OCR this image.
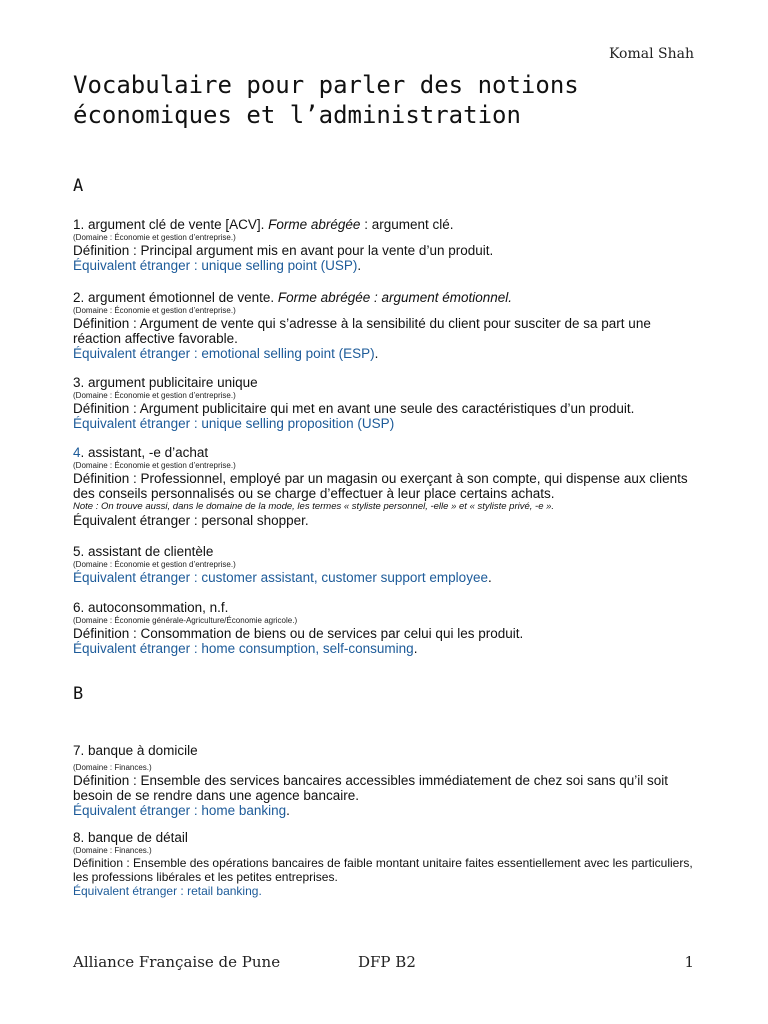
Komal Shah
Vocabulaire pour parler des notions
économiques et l’administration
A
1. argument clé de vente [ACV]. Forme abrégée : argument clé.
(Domaine : Économie et gestion d’entreprise.)
Définition : Principal argument mis en avant pour la vente d’un produit.
Équivalent étranger : unique selling point (USP).
2. argument émotionnel de vente. Forme abrégée : argument émotionnel.
(Domaine : Économie et gestion d’entreprise.)
Définition : Argument de vente qui s’adresse à la sensibilité du client pour susciter de sa part une réaction affective favorable.
Équivalent étranger : emotional selling point (ESP).
3. argument publicitaire unique
(Domaine : Économie et gestion d’entreprise.)
Définition : Argument publicitaire qui met en avant une seule des caractéristiques d’un produit.
Équivalent étranger : unique selling proposition (USP)
4. assistant, -e d’achat
(Domaine : Économie et gestion d’entreprise.)
Définition : Professionnel, employé par un magasin ou exerçant à son compte, qui dispense aux clients des conseils personnalisés ou se charge d’effectuer à leur place certains achats.
Note : On trouve aussi, dans le domaine de la mode, les termes « styliste personnel, -elle » et « styliste privé, -e ».
Équivalent étranger : personal shopper.
5. assistant de clientèle
(Domaine : Économie et gestion d’entreprise.)
Équivalent étranger : customer assistant, customer support employee.
6. autoconsommation, n.f.
(Domaine : Économie générale-Agriculture/Économie agricole.)
Définition : Consommation de biens ou de services par celui qui les produit.
Équivalent étranger : home consumption, self-consuming.
B
7. banque à domicile
(Domaine : Finances.)
Définition : Ensemble des services bancaires accessibles immédiatement de chez soi sans qu’il soit besoin de se rendre dans une agence bancaire.
Équivalent étranger : home banking.
8. banque de détail
(Domaine : Finances.)
Définition : Ensemble des opérations bancaires de faible montant unitaire faites essentiellement avec les particuliers, les professions libérales et les petites entreprises.
Équivalent étranger : retail banking.
Alliance Française de Pune	DFP B2	1
